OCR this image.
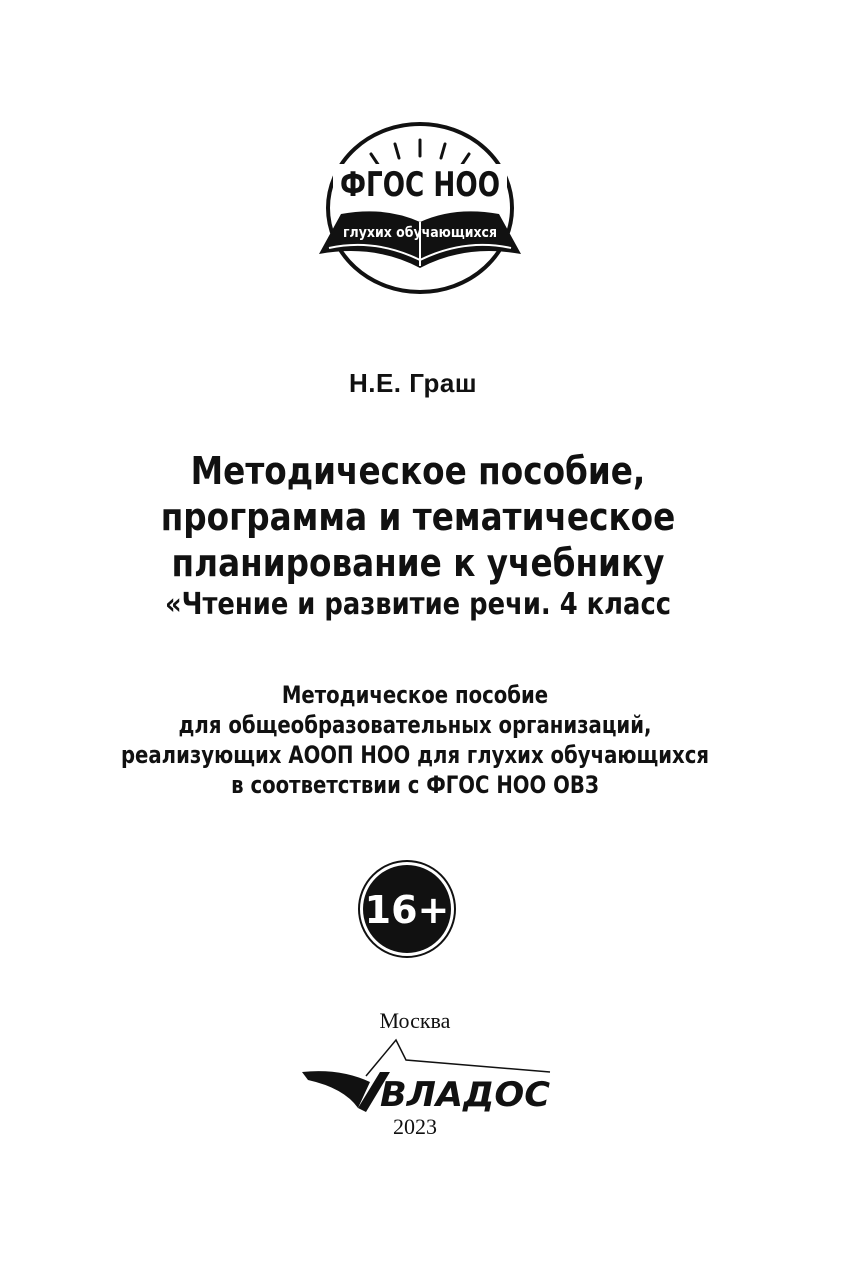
ФГОС НОО
глухих обучающихся
Н.Е. Граш
Методическое пособие,
программа и тематическое
планирование к учебнику
«Чтение и развитие речи. 4 класс
Методическое пособие
для общеобразовательных организаций,
реализующих АООП НОО для глухих обучающихся
в соответствии с ФГОС НОО ОВЗ
16+
Москва
ВЛАДОС
2023
